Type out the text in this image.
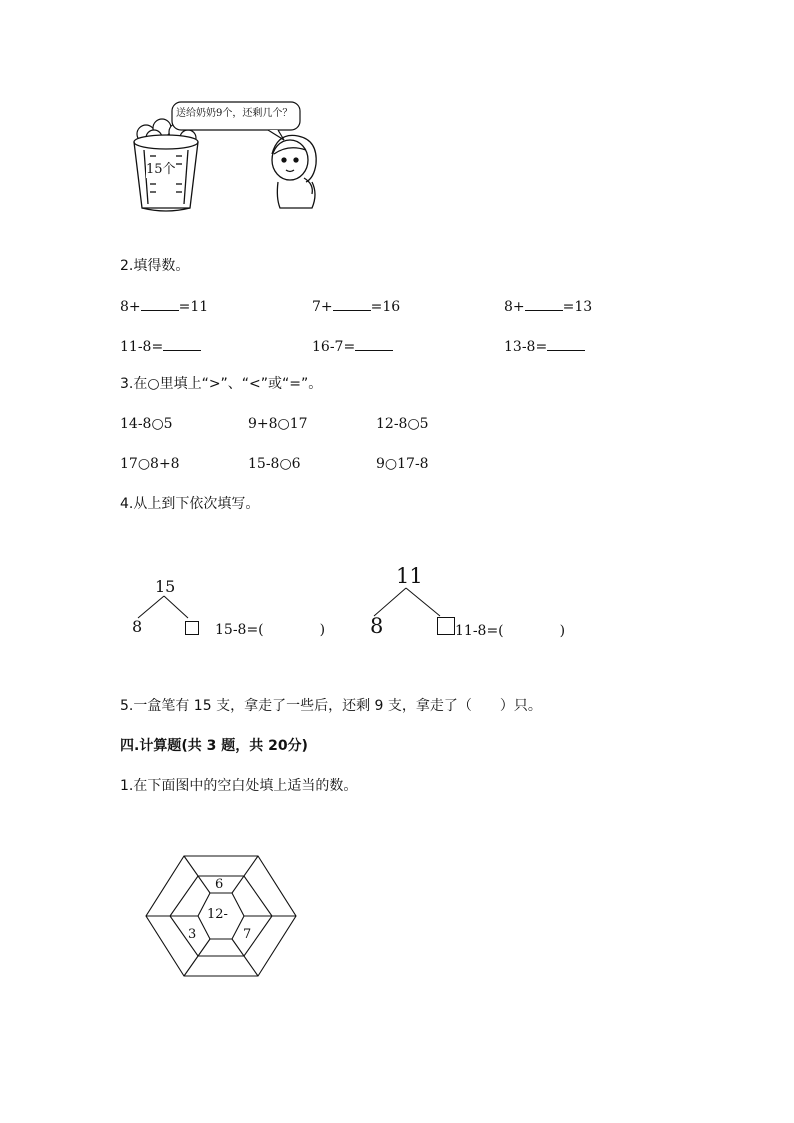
送给奶奶9个，还剩几个？
15个
2.填得数。
8+	=11	7+	=16	8+	=13
11-8=	16-7=	13-8=
3.在○里填上“>”、“<”或“=”。
14-8○5	9+8○17	12-8○5
17○8+8	15-8○6	9○17-8
4.从上到下依次填写。
15
8	15-8=(　　　　)
11
8	11-8=(　　　　)
5.一盒笔有 15 支，拿走了一些后，还剩 9 支，拿走了（　　）只。
四.计算题(共 3 题，共 20分)
1.在下面图中的空白处填上适当的数。
6
12-
3	7
